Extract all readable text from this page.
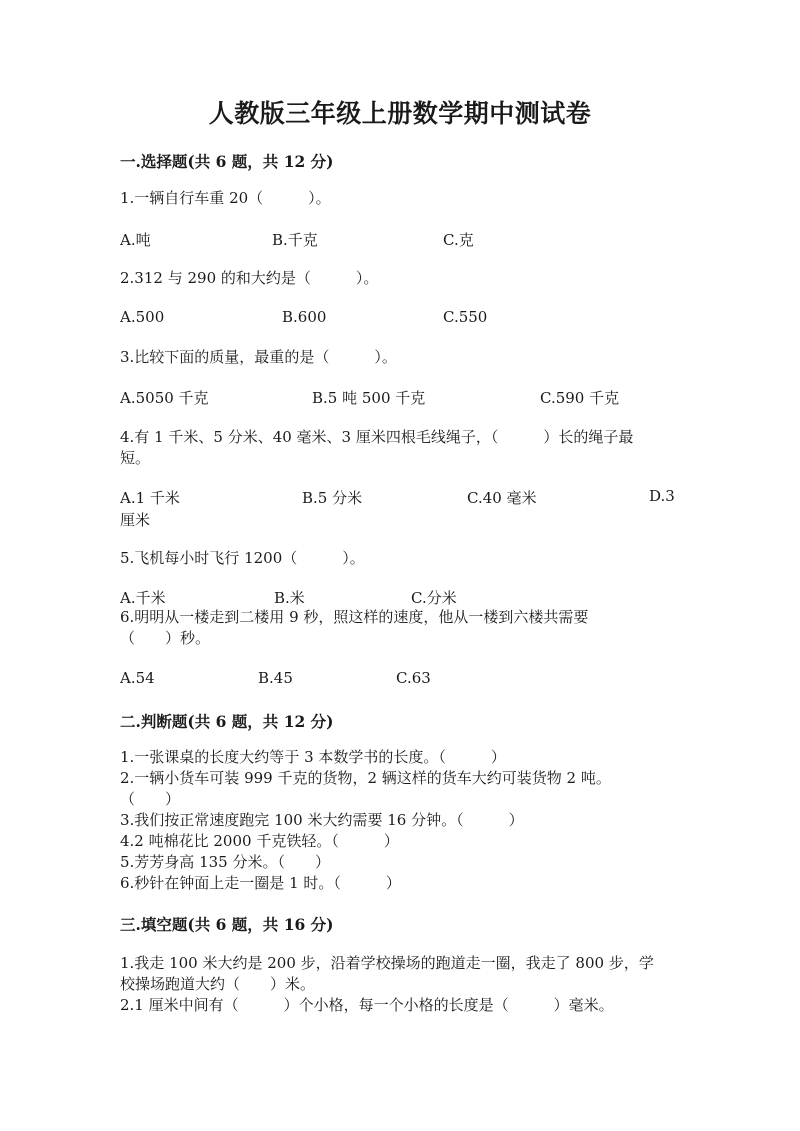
人教版三年级上册数学期中测试卷
一.选择题(共 6 题，共 12 分)
1.一辆自行车重 20（　　　）。
A.吨	B.千克	C.克
2.312 与 290 的和大约是（　　　）。
A.500	B.600	C.550
3.比较下面的质量，最重的是（　　　）。
A.5050 千克	B.5 吨 500 千克	C.590 千克
4.有 1 千米、5 分米、40 毫米、3 厘米四根毛线绳子，（　　　）长的绳子最
短。
A.1 千米	B.5 分米	C.40 毫米	D.3
厘米
5.飞机每小时飞行 1200（　　　）。
A.千米	B.米	C.分米
6.明明从一楼走到二楼用 9 秒，照这样的速度，他从一楼到六楼共需要
（　　）秒。
A.54	B.45	C.63
二.判断题(共 6 题，共 12 分)
1.一张课桌的长度大约等于 3 本数学书的长度。（　　　）
2.一辆小货车可装 999 千克的货物，2 辆这样的货车大约可装货物 2 吨。
（　　）
3.我们按正常速度跑完 100 米大约需要 16 分钟。（　　　）
4.2 吨棉花比 2000 千克铁轻。（　　　）
5.芳芳身高 135 分米。（　　）
6.秒针在钟面上走一圈是 1 时。（　　　）
三.填空题(共 6 题，共 16 分)
1.我走 100 米大约是 200 步，沿着学校操场的跑道走一圈，我走了 800 步，学
校操场跑道大约（　　）米。
2.1 厘米中间有（　　　）个小格，每一个小格的长度是（　　　）毫米。
